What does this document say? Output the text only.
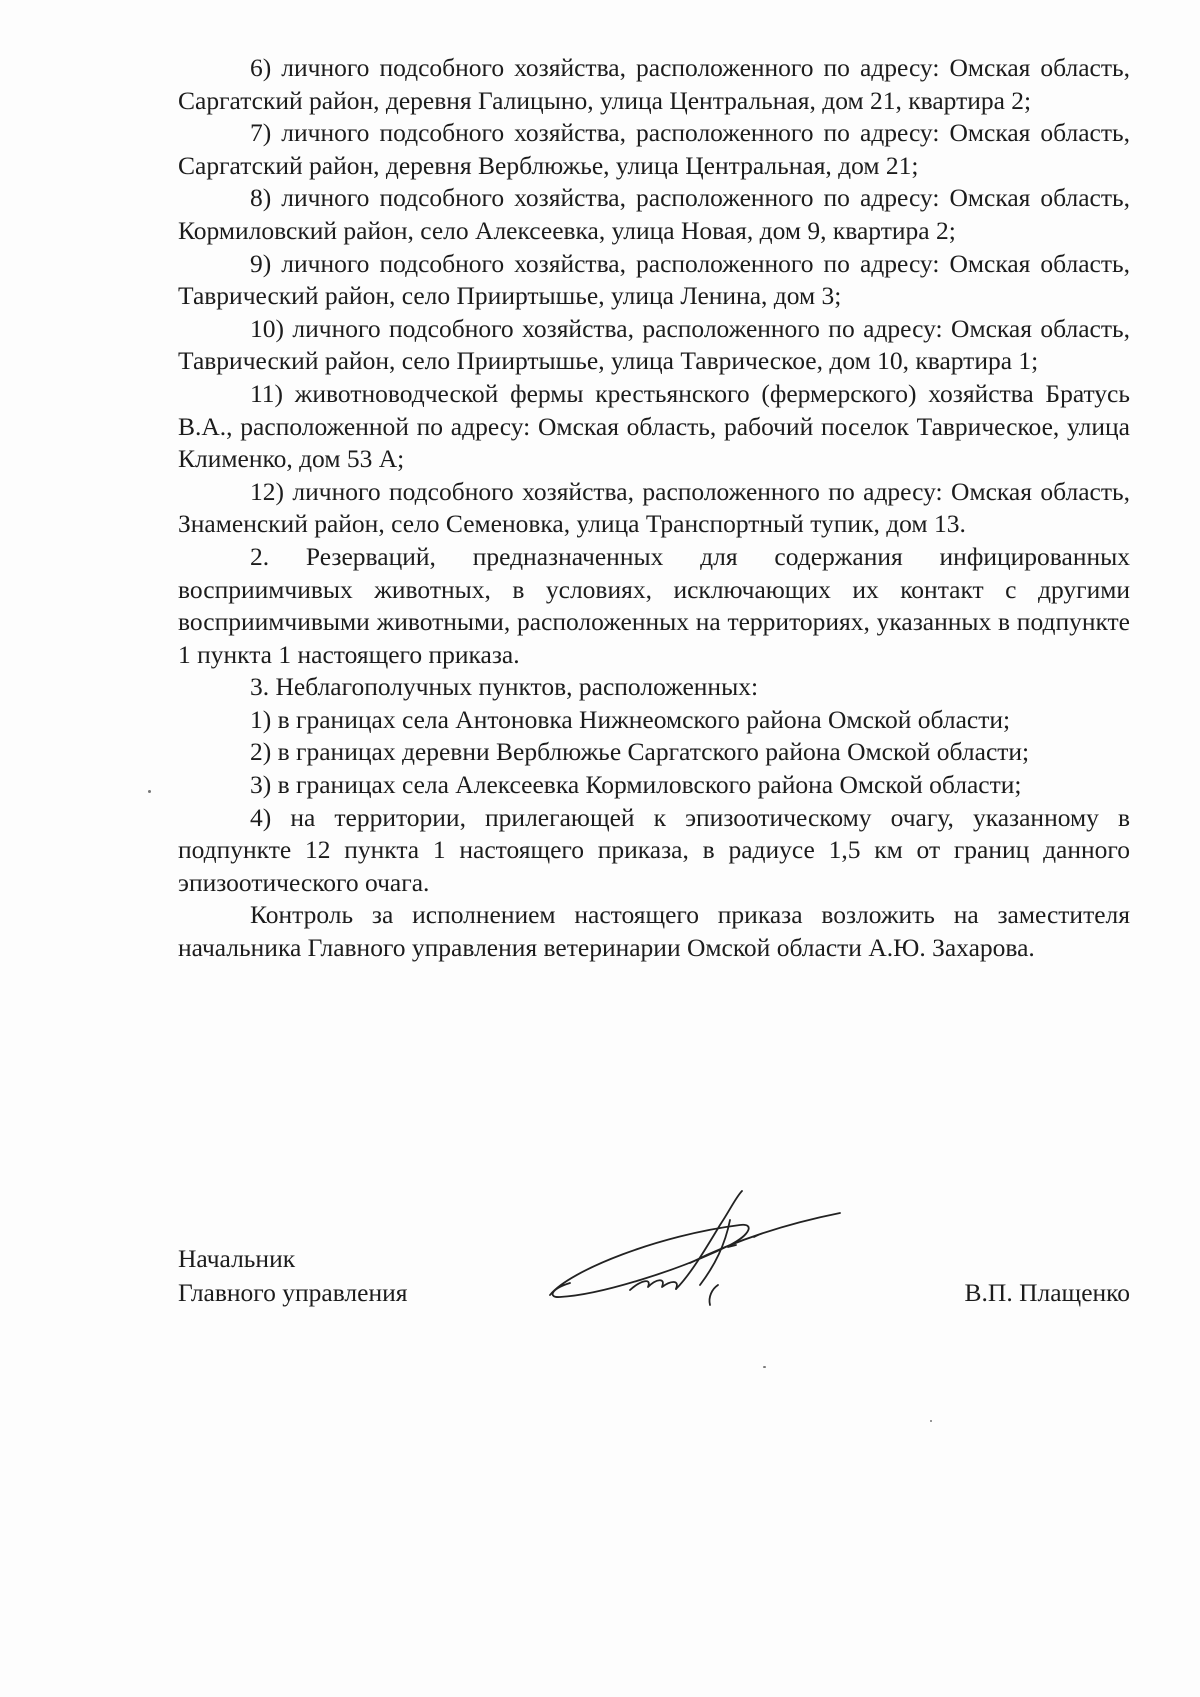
6) личного подсобного хозяйства, расположенного по адресу: Омская область, Саргатский район, деревня Галицыно, улица Центральная, дом 21, квартира 2;

7) личного подсобного хозяйства, расположенного по адресу: Омская область, Саргатский район, деревня Верблюжье, улица Центральная, дом 21;

8) личного подсобного хозяйства, расположенного по адресу: Омская область, Кормиловский район, село Алексеевка, улица Новая, дом 9, квартира 2;

9) личного подсобного хозяйства, расположенного по адресу: Омская область, Таврический район, село Прииртышье, улица Ленина, дом 3;

10) личного подсобного хозяйства, расположенного по адресу: Омская область, Таврический район, село Прииртышье, улица Таврическое, дом 10, квартира 1;

11) животноводческой фермы крестьянского (фермерского) хозяйства Братусь В.А., расположенной по адресу: Омская область, рабочий поселок Таврическое, улица Клименко, дом 53 А;

12) личного подсобного хозяйства, расположенного по адресу: Омская область, Знаменский район, село Семеновка, улица Транспортный тупик, дом 13.

2. Резерваций, предназначенных для содержания инфицированных восприимчивых животных, в условиях, исключающих их контакт с другими восприимчивыми животными, расположенных на территориях, указанных в подпункте 1 пункта 1 настоящего приказа.

3. Неблагополучных пунктов, расположенных:

1) в границах села Антоновка Нижнеомского района Омской области;

2) в границах деревни Верблюжье Саргатского района Омской области;

3) в границах села Алексеевка Кормиловского района Омской области;

4) на территории, прилегающей к эпизоотическому очагу, указанному в подпункте 12 пункта 1 настоящего приказа, в радиусе 1,5 км от границ данного эпизоотического очага.

Контроль за исполнением настоящего приказа возложить на заместителя начальника Главного управления ветеринарии Омской области А.Ю. Захарова.

Начальник
Главного управления	В.П. Плащенко
